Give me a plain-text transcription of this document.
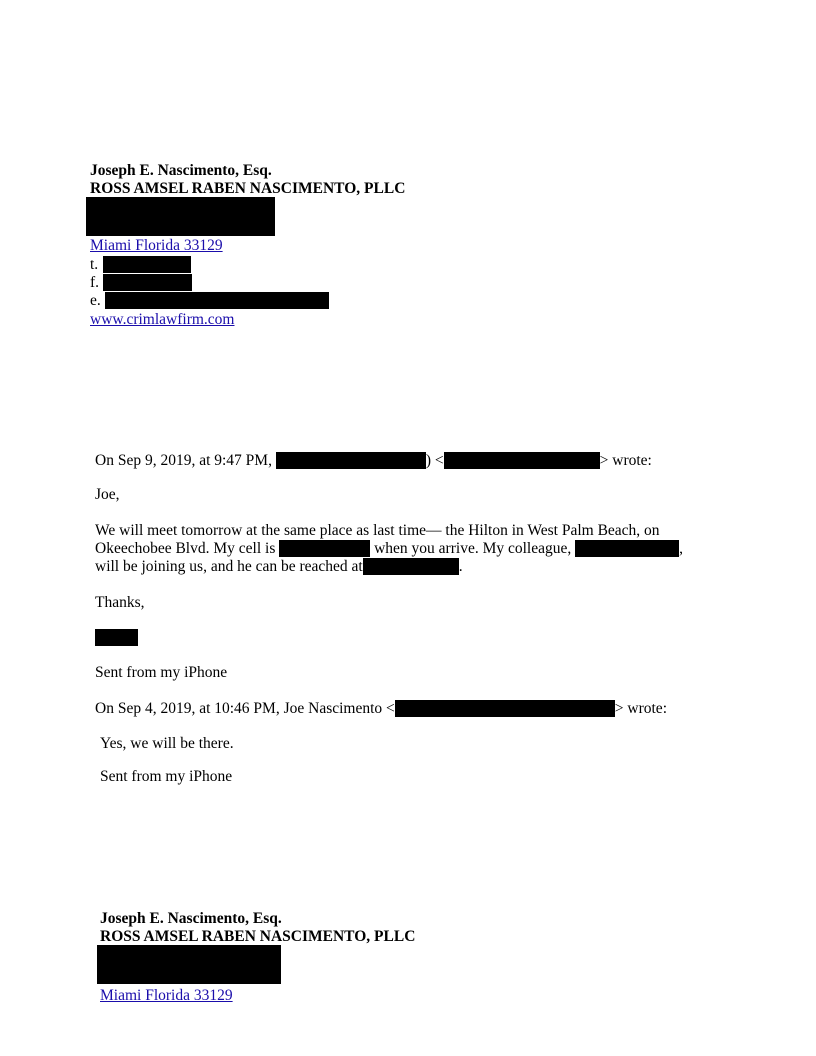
Joseph E. Nascimento, Esq.
ROSS AMSEL RABEN NASCIMENTO, PLLC
Miami Florida 33129
t.
f.
e.
www.crimlawfirm.com
On Sep 9, 2019, at 9:47 PM,	) <	> wrote:
Joe,
We will meet tomorrow at the same place as last time— the Hilton in West Palm Beach, on
Okeechobee Blvd. My cell is	when you arrive. My colleague,	,
will be joining us, and he can be reached at	.
Thanks,
Sent from my iPhone
On Sep 4, 2019, at 10:46 PM, Joe Nascimento <	> wrote:
Yes, we will be there.
Sent from my iPhone
Joseph E. Nascimento, Esq.
ROSS AMSEL RABEN NASCIMENTO, PLLC
Miami Florida 33129
